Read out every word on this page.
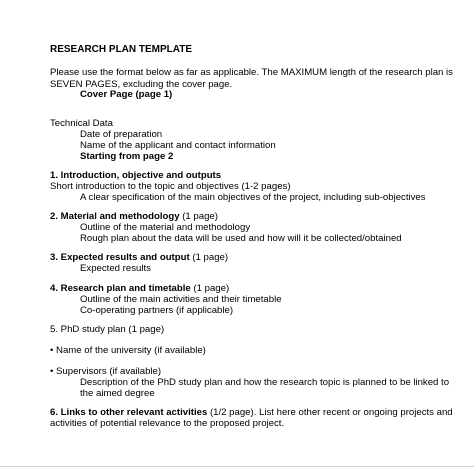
RESEARCH PLAN TEMPLATE
Please use the format below as far as applicable. The MAXIMUM length of the research plan is
SEVEN PAGES, excluding the cover page.
Cover Page (page 1)
Technical Data
Date of preparation
Name of the applicant and contact information
Starting from page 2
1. Introduction, objective and outputs
Short introduction to the topic and objectives (1-2 pages)
A clear specification of the main objectives of the project, including sub-objectives
2. Material and methodology (1 page)
Outline of the material and methodology
Rough plan about the data will be used and how will it be collected/obtained
3. Expected results and output (1 page)
Expected results
4. Research plan and timetable (1 page)
Outline of the main activities and their timetable
Co-operating partners (if applicable)
5. PhD study plan (1 page)
• Name of the university (if available)
• Supervisors (if available)
Description of the PhD study plan and how the research topic is planned to be linked to
the aimed degree
6. Links to other relevant activities (1/2 page). List here other recent or ongoing projects and
activities of potential relevance to the proposed project.
